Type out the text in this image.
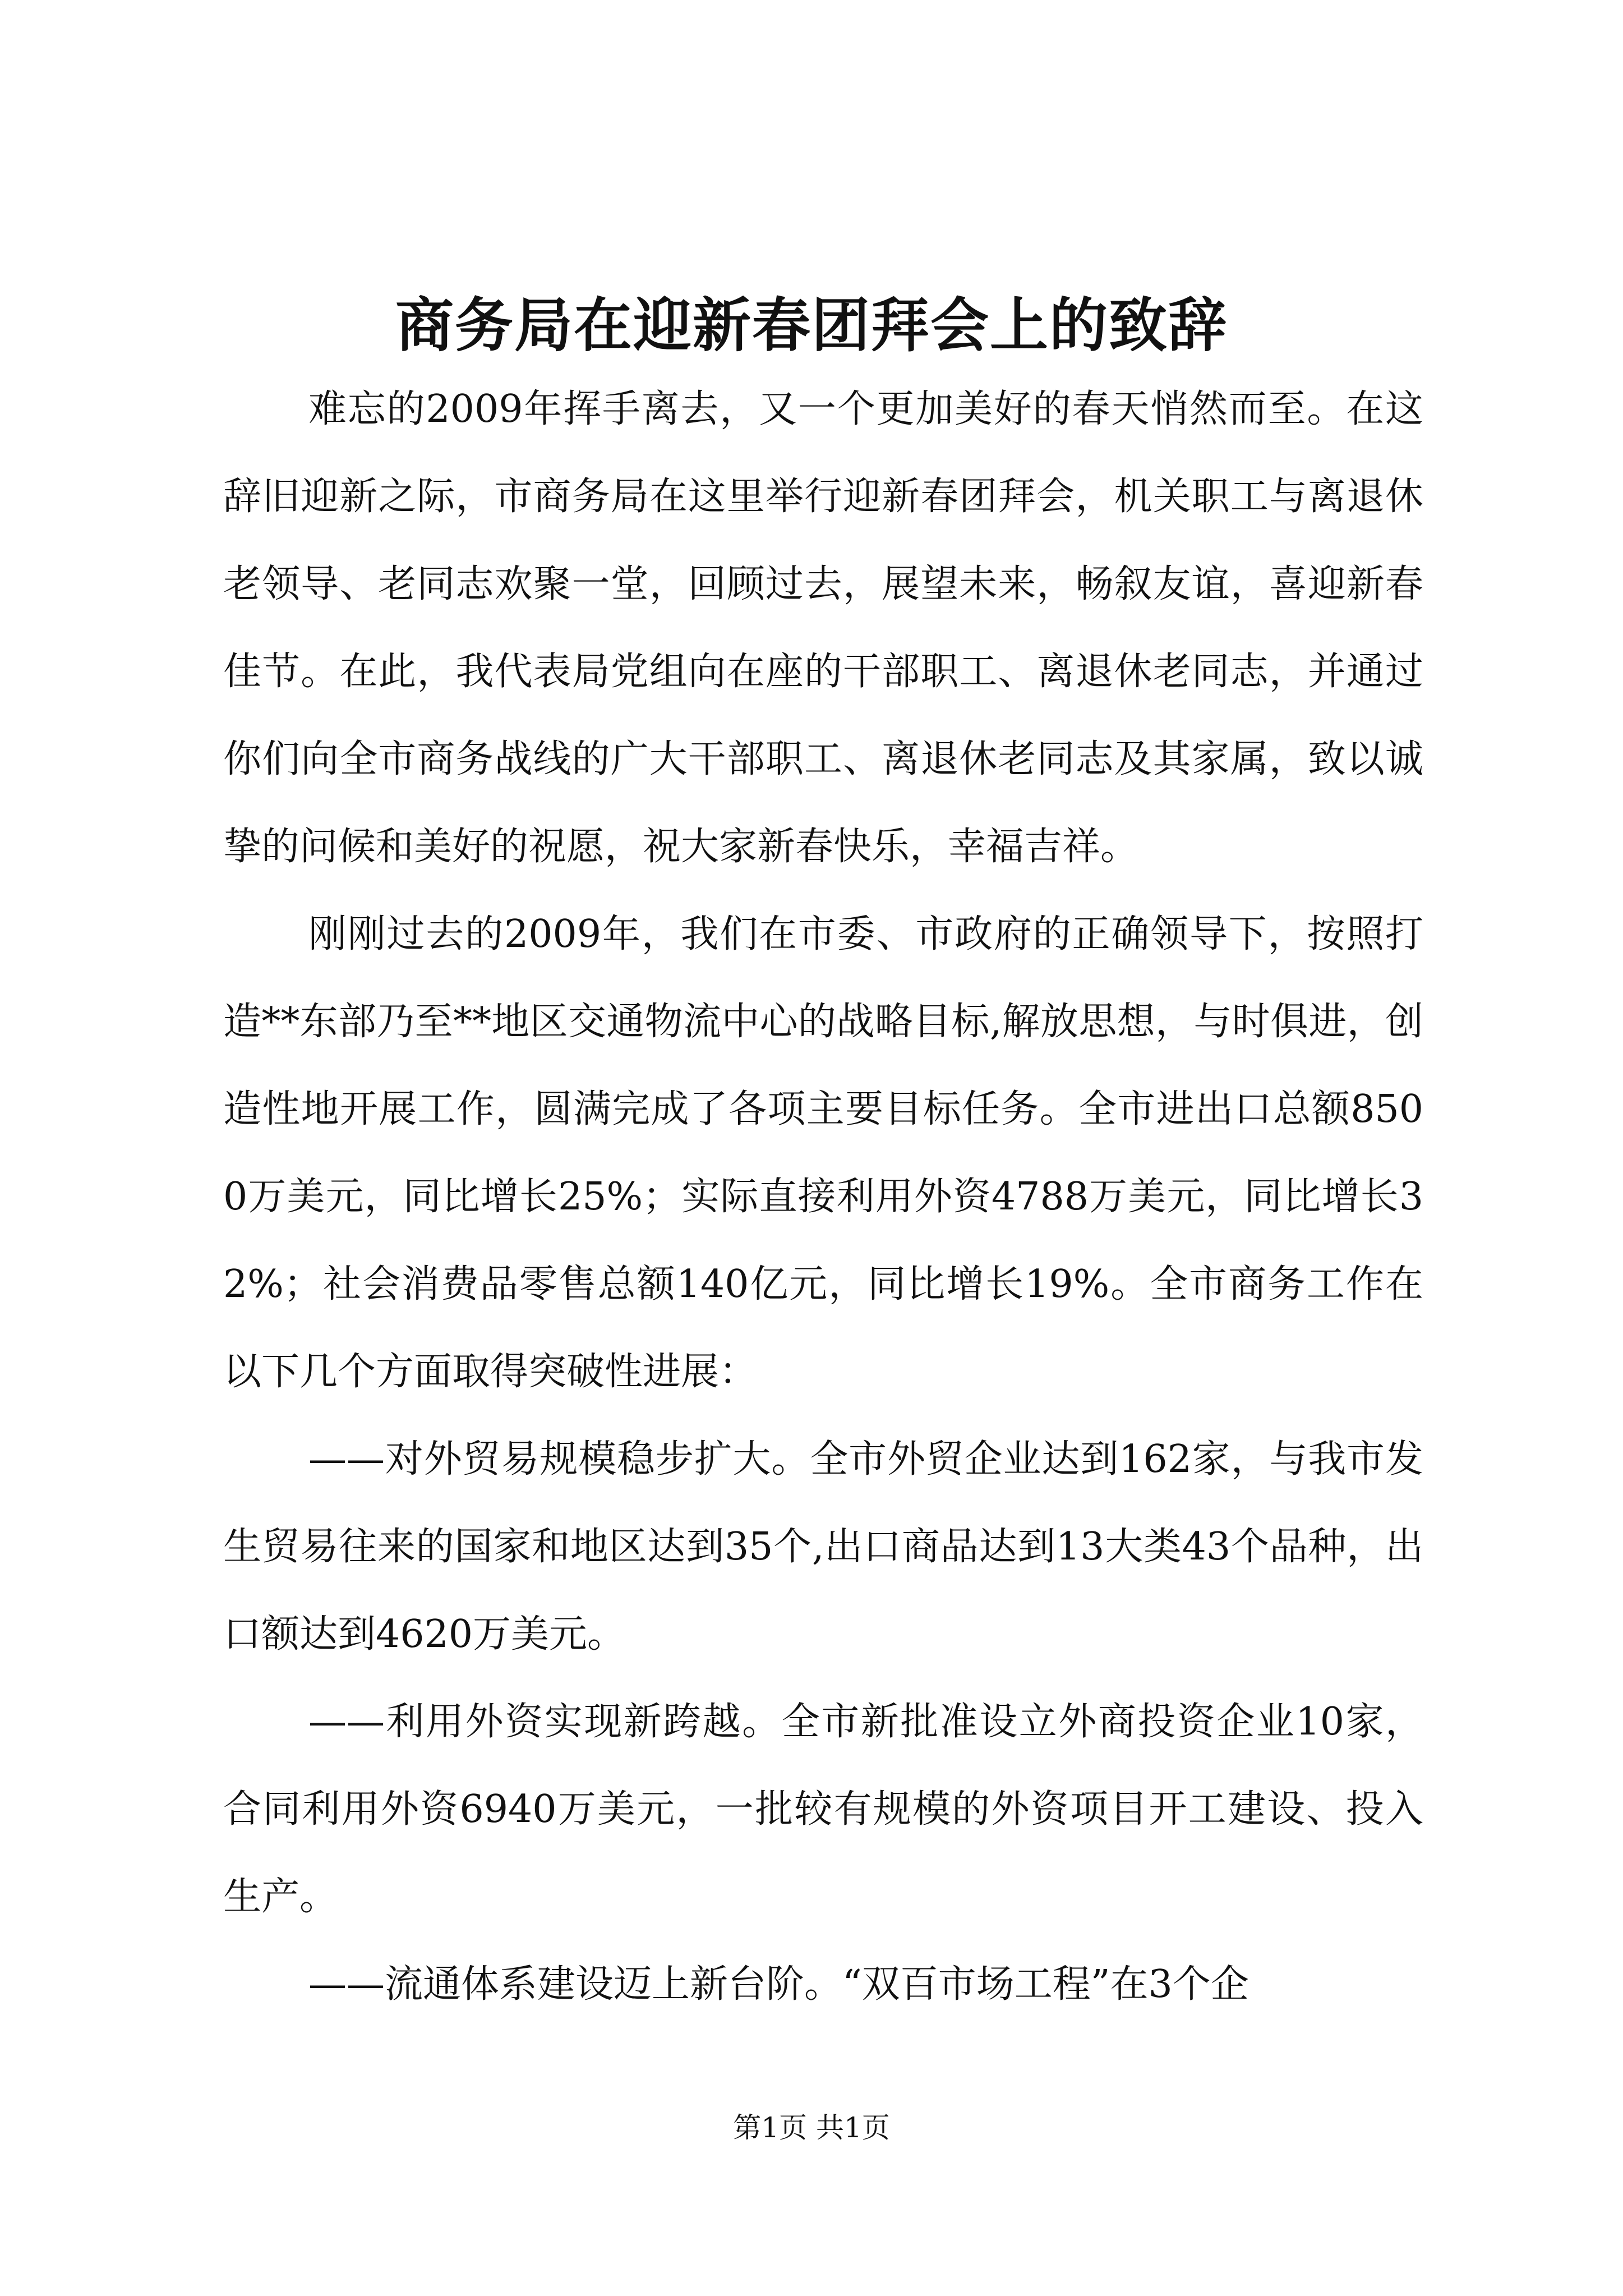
商务局在迎新春团拜会上的致辞

难忘的2009年挥手离去，又一个更加美好的春天悄然而至。在这辞旧迎新之际，市商务局在这里举行迎新春团拜会，机关职工与离退休老领导、老同志欢聚一堂，回顾过去，展望未来，畅叙友谊，喜迎新春佳节。在此，我代表局党组向在座的干部职工、离退休老同志，并通过你们向全市商务战线的广大干部职工、离退休老同志及其家属，致以诚挚的问候和美好的祝愿，祝大家新春快乐，幸福吉祥。

刚刚过去的2009年，我们在市委、市政府的正确领导下，按照打造**东部乃至**地区交通物流中心的战略目标,解放思想，与时俱进，创造性地开展工作，圆满完成了各项主要目标任务。全市进出口总额8500万美元，同比增长25%；实际直接利用外资4788万美元，同比增长32%；社会消费品零售总额140亿元，同比增长19%。全市商务工作在以下几个方面取得突破性进展：

——对外贸易规模稳步扩大。全市外贸企业达到162家，与我市发生贸易往来的国家和地区达到35个,出口商品达到13大类43个品种，出口额达到4620万美元。

——利用外资实现新跨越。全市新批准设立外商投资企业10家，合同利用外资6940万美元，一批较有规模的外资项目开工建设、投入生产。

——流通体系建设迈上新台阶。“双百市场工程”在3个企

第1页 共1页
